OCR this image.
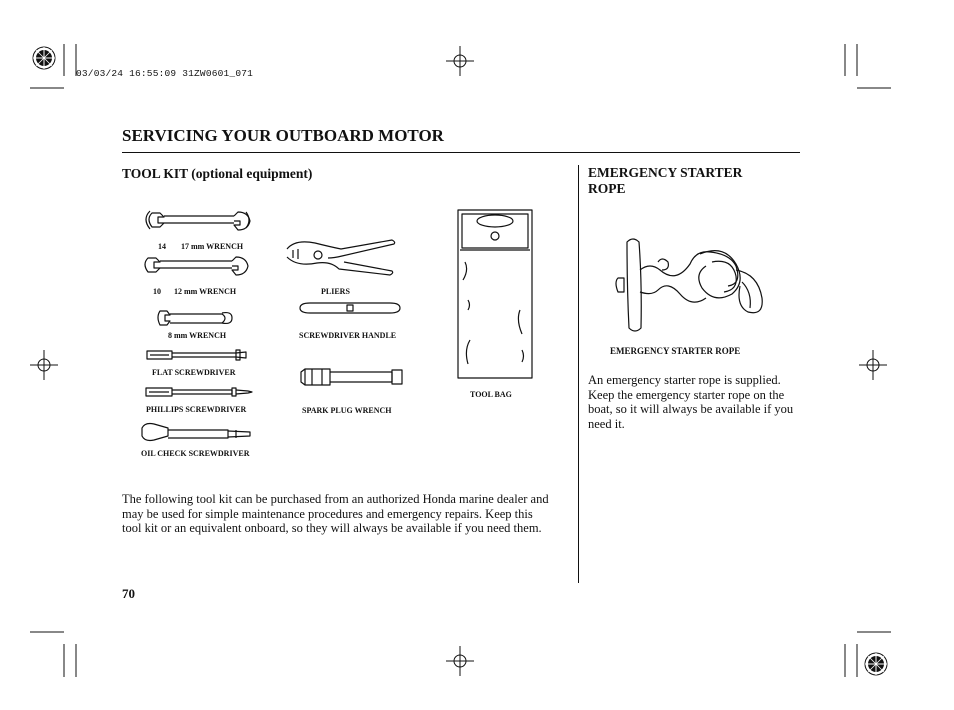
03/03/24 16:55:09 31ZW0601_071
SERVICING YOUR OUTBOARD MOTOR
TOOL KIT (optional equipment)
14 17 mm WRENCH
10 12 mm WRENCH
8 mm WRENCH
FLAT SCREWDRIVER
PHILLIPS SCREWDRIVER
OIL CHECK SCREWDRIVER
PLIERS
SCREWDRIVER HANDLE
SPARK PLUG WRENCH
TOOL BAG
The following tool kit can be purchased from an authorized Honda marine dealer and may be used for simple maintenance procedures and emergency repairs. Keep this tool kit or an equivalent onboard, so they will always be available if you need them.
EMERGENCY STARTER ROPE
EMERGENCY STARTER ROPE
An emergency starter rope is supplied. Keep the emergency starter rope on the boat, so it will always be available if you need it.
70
